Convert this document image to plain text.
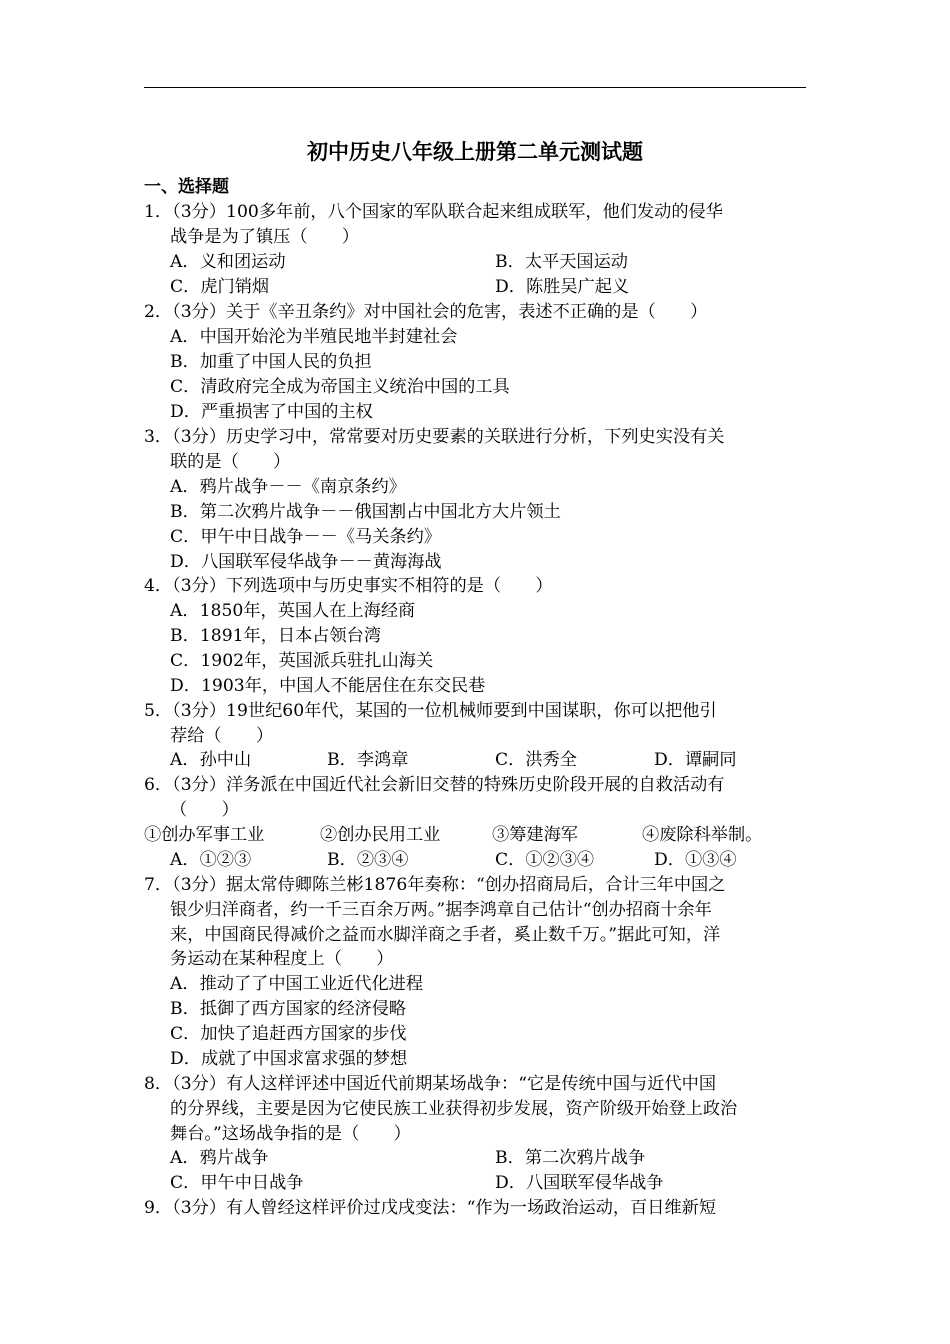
初中历史八年级上册第二单元测试题
一、选择题
1．（3分）100多年前，八个国家的军队联合起来组成联军，他们发动的侵华
战争是为了镇压（　　）
A．义和团运动	B．太平天国运动
C．虎门销烟	D．陈胜吴广起义
2．（3分）关于《辛丑条约》对中国社会的危害，表述不正确的是（　　）
A．中国开始沦为半殖民地半封建社会
B．加重了中国人民的负担
C．清政府完全成为帝国主义统治中国的工具
D．严重损害了中国的主权
3．（3分）历史学习中，常常要对历史要素的关联进行分析，下列史实没有关
联的是（　　）
A．鸦片战争－－《南京条约》
B．第二次鸦片战争－－俄国割占中国北方大片领土
C．甲午中日战争－－《马关条约》
D．八国联军侵华战争－－黄海海战
4．（3分）下列选项中与历史事实不相符的是（　　）
A．1850年，英国人在上海经商
B．1891年，日本占领台湾
C．1902年，英国派兵驻扎山海关
D．1903年，中国人不能居住在东交民巷
5．（3分）19世纪60年代，某国的一位机械师要到中国谋职，你可以把他引
荐给（　　）
A．孙中山	B．李鸿章	C．洪秀全	D．谭嗣同
6．（3分）洋务派在中国近代社会新旧交替的特殊历史阶段开展的自救活动有
（　　）
①创办军事工业	②创办民用工业	③筹建海军	④废除科举制。
A．①②③	B．②③④	C．①②③④	D．①③④
7．（3分）据太常侍卿陈兰彬1876年奏称：“创办招商局后，合计三年中国之
银少归洋商者，约一千三百余万两。”据李鸿章自己估计“创办招商十余年
来，中国商民得减价之益而水脚洋商之手者，奚止数千万。”据此可知，洋
务运动在某种程度上（　　）
A．推动了了中国工业近代化进程
B．抵御了西方国家的经济侵略
C．加快了追赶西方国家的步伐
D．成就了中国求富求强的梦想
8．（3分）有人这样评述中国近代前期某场战争：“它是传统中国与近代中国
的分界线，主要是因为它使民族工业获得初步发展，资产阶级开始登上政治
舞台。”这场战争指的是（　　）
A．鸦片战争	B．第二次鸦片战争
C．甲午中日战争	D．八国联军侵华战争
9．（3分）有人曾经这样评价过戊戌变法：“作为一场政治运动，百日维新短
